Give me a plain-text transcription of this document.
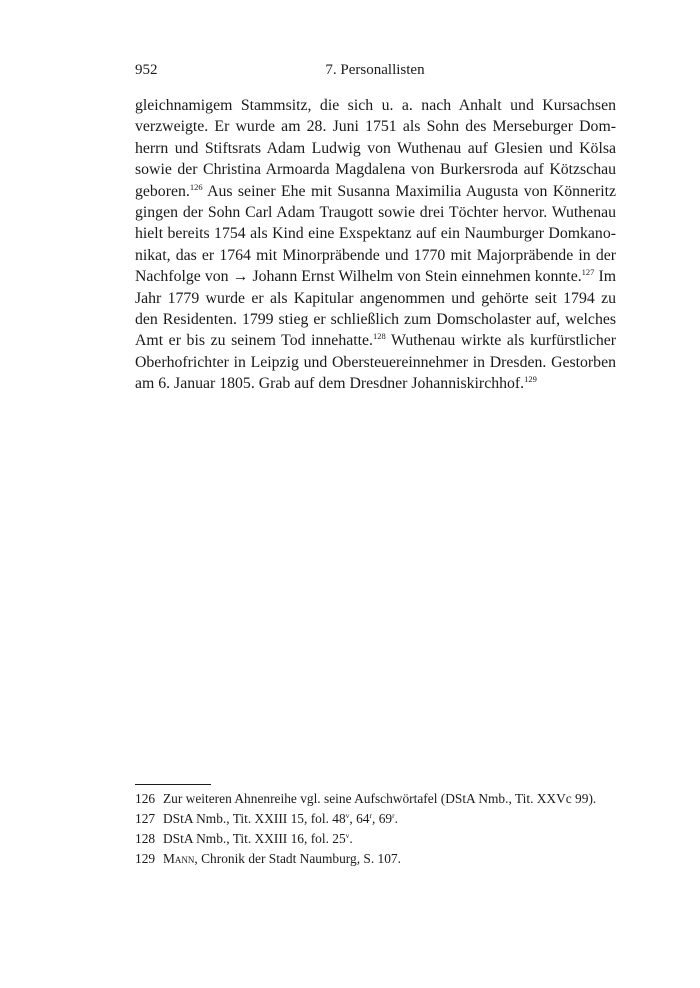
952	7. Personallisten

gleichnamigem Stammsitz, die sich u. a. nach Anhalt und Kursachsen verzweigte. Er wurde am 28. Juni 1751 als Sohn des Merseburger Dom-herrn und Stiftsrats Adam Ludwig von Wuthenau auf Glesien und Kölsa sowie der Christina Armoarda Magdalena von Burkersroda auf Kötzschau geboren.$^{126}$ Aus seiner Ehe mit Susanna Maximilia Augusta von Könneritz gingen der Sohn Carl Adam Traugott sowie drei Töchter hervor. Wuthenau hielt bereits 1754 als Kind eine Exspektanz auf ein Naumburger Domkano-nikat, das er 1764 mit Minorpräbende und 1770 mit Majorpräbende in der Nachfolge von → Johann Ernst Wilhelm von Stein einnehmen konnte.$^{127}$ Im Jahr 1779 wurde er als Kapitular angenommen und gehörte seit 1794 zu den Residenten. 1799 stieg er schließlich zum Domscholaster auf, welches Amt er bis zu seinem Tod innehatte.$^{128}$ Wuthenau wirkte als kurfürstlicher Oberhofrichter in Leipzig und Obersteuereinnehmer in Dresden. Gestorben am 6. Januar 1805. Grab auf dem Dresdner Johanniskirchhof.$^{129}$

126 Zur weiteren Ahnenreihe vgl. seine Aufschwörtafel (DStA Nmb., Tit. XXVc 99).
127 DStA Nmb., Tit. XXIII 15, fol. 48$^v$, 64$^r$, 69$^r$.
128 DStA Nmb., Tit. XXIII 16, fol. 25$^v$.
129 Mann, Chronik der Stadt Naumburg, S. 107.
